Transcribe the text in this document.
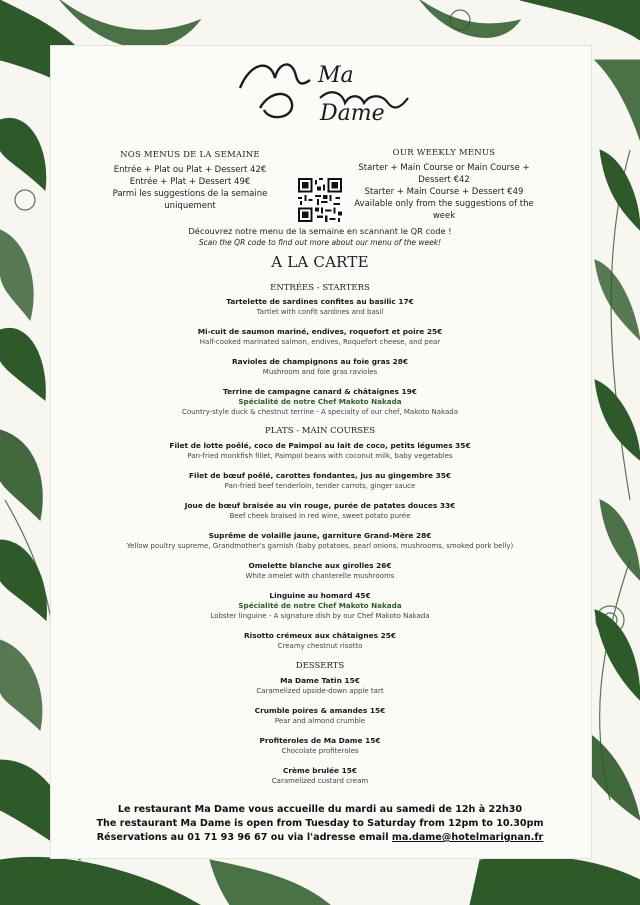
Ma
Dame
NOS MENUS DE LA SEMAINE
Entrée + Plat ou Plat + Dessert 42€
Entrée + Plat + Dessert 49€
Parmi les suggestions de la semaine uniquement
OUR WEEKLY MENUS
Starter + Main Course or Main Course + Dessert €42
Starter + Main Course + Dessert €49
Available only from the suggestions of the week
Découvrez notre menu de la semaine en scannant le QR code !
Scan the QR code to find out more about our menu of the week!
A LA CARTE
ENTRÉES - STARTERS
Tartelette de sardines confites au basilic 17€
Tartlet with confit sardines and basil
Mi-cuit de saumon mariné, endives, roquefort et poire 25€
Half-cooked marinated salmon, endives, Roquefort cheese, and pear
Ravioles de champignons au foie gras 28€
Mushroom and foie gras ravioles
Terrine de campagne canard & châtaignes 19€
Spécialité de notre Chef Makoto Nakada
Country-style duck & chestnut terrine - A specialty of our chef, Makoto Nakada
PLATS - MAIN COURSES
Filet de lotte poêlé, coco de Paimpol au lait de coco, petits légumes 35€
Pan-fried monkfish fillet, Paimpol beans with coconut milk, baby vegetables
Filet de bœuf poêlé, carottes fondantes, jus au gingembre 35€
Pan-fried beef tenderloin, tender carrots, ginger sauce
Joue de bœuf braisée au vin rouge, purée de patates douces 33€
Beef cheek braised in red wine, sweet potato purée
Suprême de volaille jaune, garniture Grand-Mère 28€
Yellow poultry supreme, Grandmother's garnish (baby potatoes, pearl onions, mushrooms, smoked pork belly)
Omelette blanche aux girolles 26€
White omelet with chanterelle mushrooms
Linguine au homard 45€
Spécialité de notre Chef Makoto Nakada
Lobster linguine - A signature dish by our Chef Makoto Nakada
Risotto crémeux aux châtaignes 25€
Creamy chestnut risotto
DESSERTS
Ma Dame Tatin 15€
Caramelized upside-down apple tart
Crumble poires & amandes 15€
Pear and almond crumble
Profiteroles de Ma Dame 15€
Chocolate profiteroles
Crème brulée 15€
Caramelized custard cream
Le restaurant Ma Dame vous accueille du mardi au samedi de 12h à 22h30
The restaurant Ma Dame is open from Tuesday to Saturday from 12pm to 10.30pm
Réservations au 01 71 93 96 67 ou via l'adresse email ma.dame@hotelmarignan.fr
